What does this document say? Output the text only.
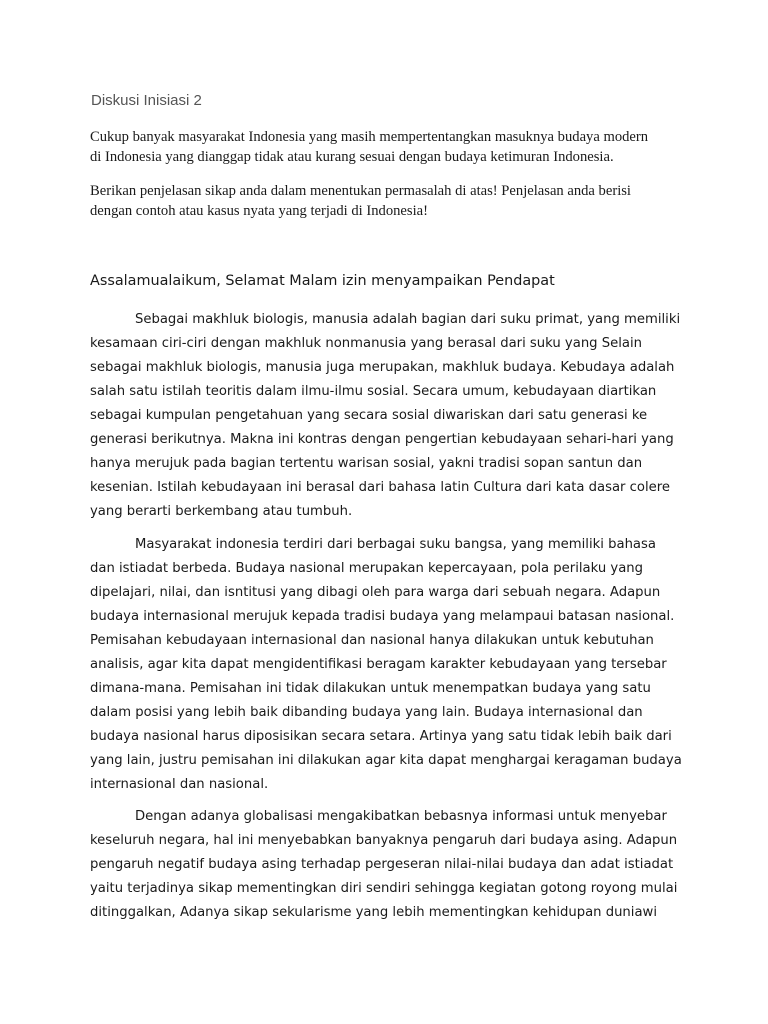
Diskusi Inisiasi 2
Cukup banyak masyarakat Indonesia yang masih mempertentangkan masuknya budaya modern
di Indonesia yang dianggap tidak atau kurang sesuai dengan budaya ketimuran Indonesia.
Berikan penjelasan sikap anda dalam menentukan permasalah di atas! Penjelasan anda berisi
dengan contoh atau kasus nyata yang terjadi di Indonesia!

Assalamualaikum, Selamat Malam izin menyampaikan Pendapat

Sebagai makhluk biologis, manusia adalah bagian dari suku primat, yang memiliki
kesamaan ciri-ciri dengan makhluk nonmanusia yang berasal dari suku yang Selain
sebagai makhluk biologis, manusia juga merupakan, makhluk budaya. Kebudaya adalah
salah satu istilah teoritis dalam ilmu-ilmu sosial. Secara umum, kebudayaan diartikan
sebagai kumpulan pengetahuan yang secara sosial diwariskan dari satu generasi ke
generasi berikutnya. Makna ini kontras dengan pengertian kebudayaan sehari-hari yang
hanya merujuk pada bagian tertentu warisan sosial, yakni tradisi sopan santun dan
kesenian. Istilah kebudayaan ini berasal dari bahasa latin Cultura dari kata dasar colere
yang berarti berkembang atau tumbuh.
Masyarakat indonesia terdiri dari berbagai suku bangsa, yang memiliki bahasa
dan istiadat berbeda. Budaya nasional merupakan kepercayaan, pola perilaku yang
dipelajari, nilai, dan isntitusi yang dibagi oleh para warga dari sebuah negara. Adapun
budaya internasional merujuk kepada tradisi budaya yang melampaui batasan nasional.
Pemisahan kebudayaan internasional dan nasional hanya dilakukan untuk kebutuhan
analisis, agar kita dapat mengidentifikasi beragam karakter kebudayaan yang tersebar
dimana-mana. Pemisahan ini tidak dilakukan untuk menempatkan budaya yang satu
dalam posisi yang lebih baik dibanding budaya yang lain. Budaya internasional dan
budaya nasional harus diposisikan secara setara. Artinya yang satu tidak lebih baik dari
yang lain, justru pemisahan ini dilakukan agar kita dapat menghargai keragaman budaya
internasional dan nasional.
Dengan adanya globalisasi mengakibatkan bebasnya informasi untuk menyebar
keseluruh negara, hal ini menyebabkan banyaknya pengaruh dari budaya asing. Adapun
pengaruh negatif budaya asing terhadap pergeseran nilai-nilai budaya dan adat istiadat
yaitu terjadinya sikap mementingkan diri sendiri sehingga kegiatan gotong royong mulai
ditinggalkan, Adanya sikap sekularisme yang lebih mementingkan kehidupan duniawi
